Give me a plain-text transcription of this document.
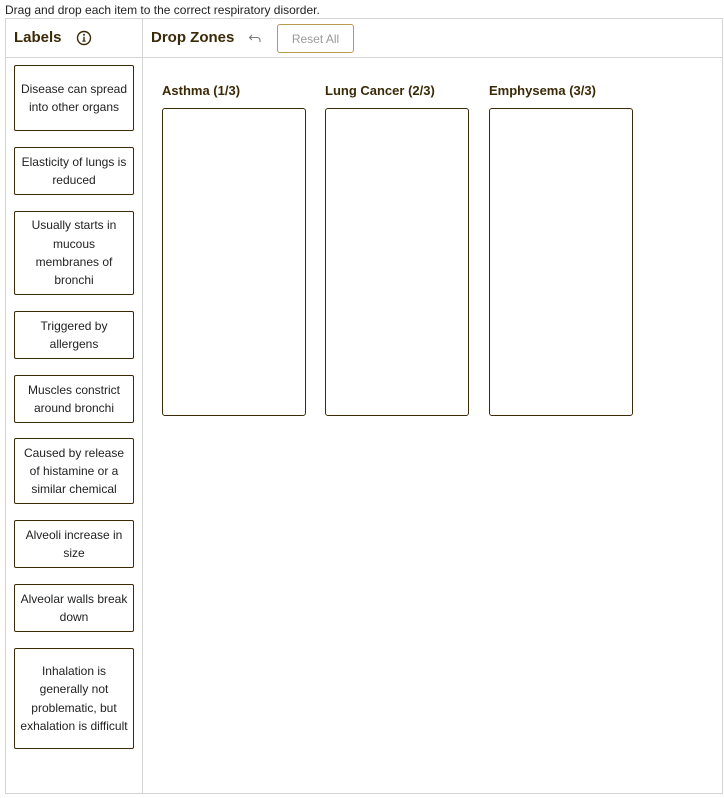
Drag and drop each item to the correct respiratory disorder.
Labels	Drop Zones	Reset All
Disease can spread into other organs
Elasticity of lungs is reduced
Usually starts in mucous membranes of bronchi
Triggered by allergens
Muscles constrict around bronchi
Caused by release of histamine or a similar chemical
Alveoli increase in size
Alveolar walls break down
Inhalation is generally not problematic, but exhalation is difficult
Asthma (1/3)	Lung Cancer (2/3)	Emphysema (3/3)
